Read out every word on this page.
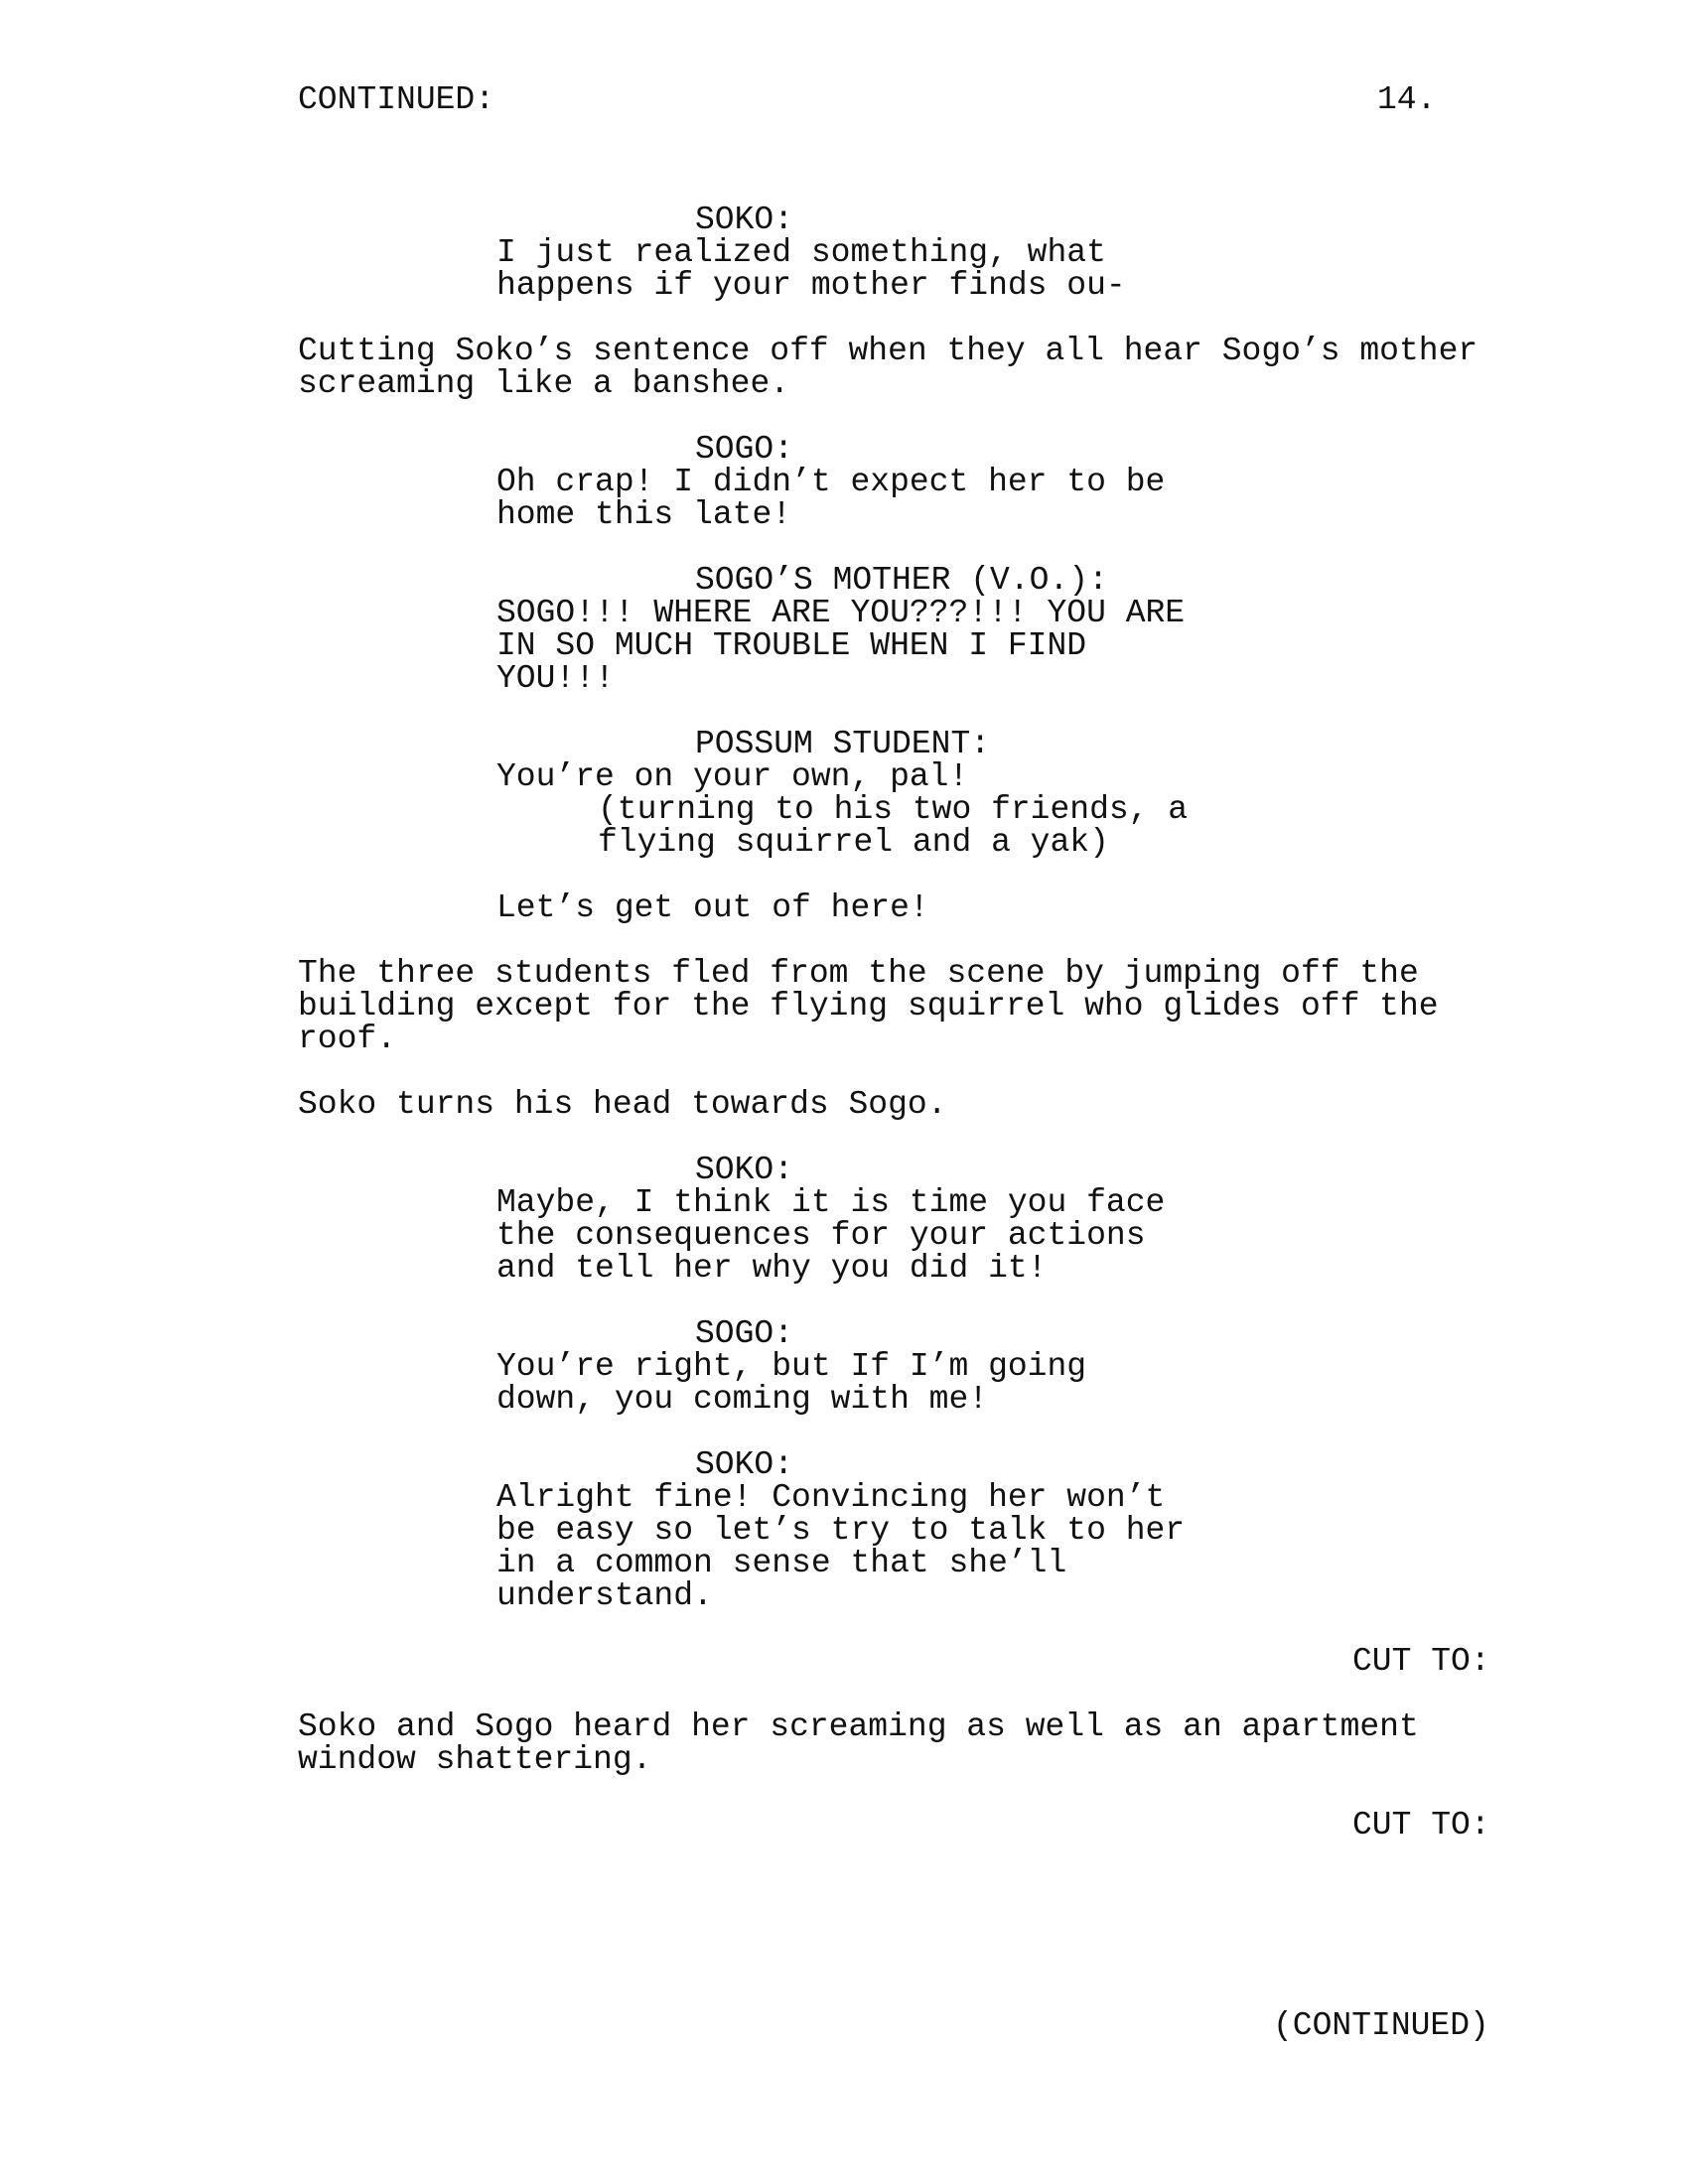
CONTINUED:	14.
SOKO:
I just realized something, what
happens if your mother finds ou-
Cutting Soko’s sentence off when they all hear Sogo’s mother
screaming like a banshee.
SOGO:
Oh crap! I didn’t expect her to be
home this late!
SOGO’S MOTHER (V.O.):
SOGO!!! WHERE ARE YOU???!!! YOU ARE
IN SO MUCH TROUBLE WHEN I FIND
YOU!!!
POSSUM STUDENT:
You’re on your own, pal!
(turning to his two friends, a
flying squirrel and a yak)
Let’s get out of here!
The three students fled from the scene by jumping off the
building except for the flying squirrel who glides off the
roof.
Soko turns his head towards Sogo.
SOKO:
Maybe, I think it is time you face
the consequences for your actions
and tell her why you did it!
SOGO:
You’re right, but If I’m going
down, you coming with me!
SOKO:
Alright fine! Convincing her won’t
be easy so let’s try to talk to her
in a common sense that she’ll
understand.
CUT TO:
Soko and Sogo heard her screaming as well as an apartment
window shattering.
CUT TO:
(CONTINUED)
